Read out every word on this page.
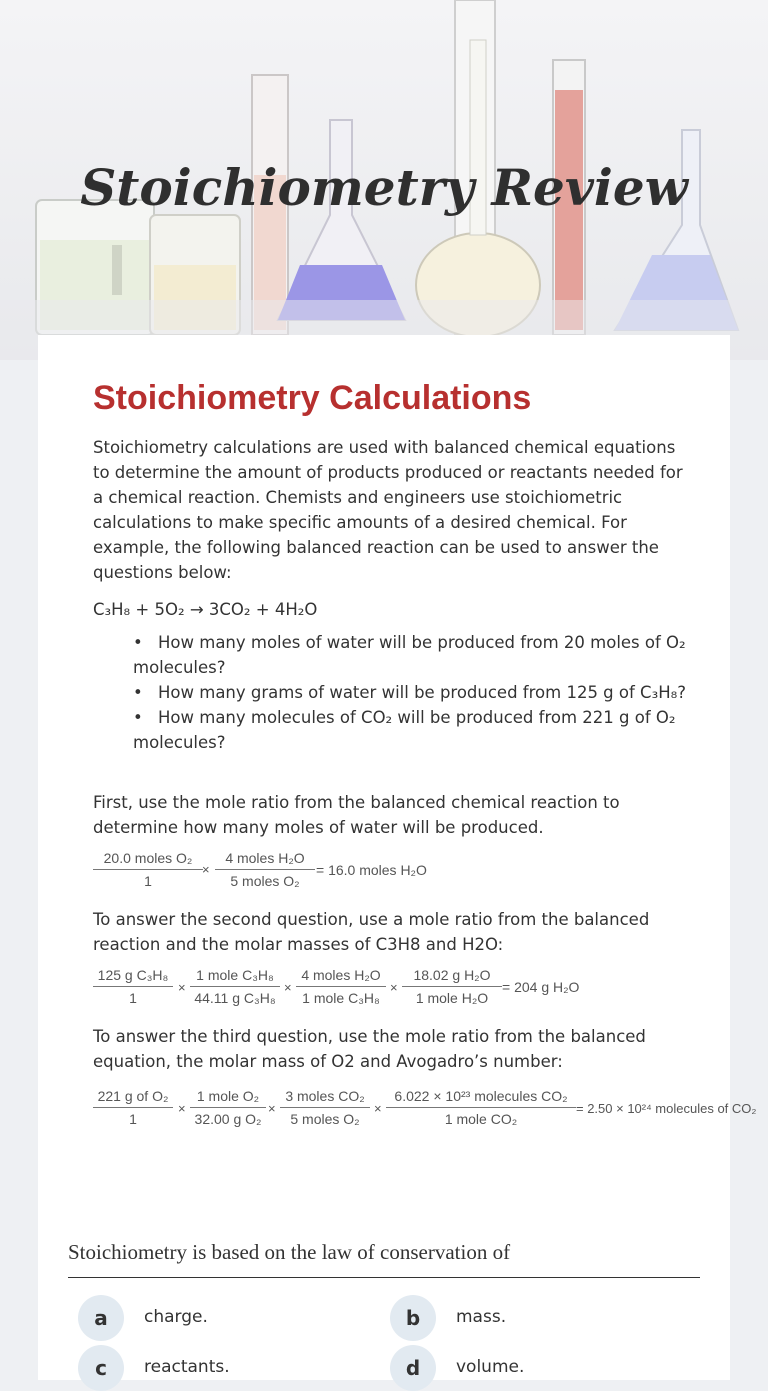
Stoichiometry Review
Stoichiometry Calculations

Stoichiometry calculations are used with balanced chemical equations to determine the amount of products produced or reactants needed for a chemical reaction. Chemists and engineers use stoichiometric calculations to make specific amounts of a desired chemical. For example, the following balanced reaction can be used to answer the questions below:

C₃H₈ + 5O₂ → 3CO₂ + 4H₂O

• How many moles of water will be produced from 20 moles of O₂ molecules?
• How many grams of water will be produced from 125 g of C₃H₈?
• How many molecules of CO₂ will be produced from 221 g of O₂ molecules?

First, use the mole ratio from the balanced chemical reaction to determine how many moles of water will be produced.

20.0 moles O₂
1
×
4 moles H₂O
5 moles O₂
= 16.0 moles H₂O

To answer the second question, use a mole ratio from the balanced reaction and the molar masses of C3H8 and H2O:

$\frac{\text{125 g C₃H₈}}{1}$ ×
1 mole C₃H₈
44.11 g C₃H₈
×
4 moles H₂O
1 mole C₃H₈
×
18.02 g H₂O
1 mole H₂O
= 204 g H₂O

To answer the third question, use the mole ratio from the balanced equation, the molar mass of O2 and Avogadro’s number:

$\frac{\text{221 g of O₂}}{1}$ ×
1 mole O₂
32.00 g O₂
×
3 moles CO₂
5 moles O₂
×
6.022 × 10²³ molecules CO₂
1 mole CO₂
= 2.50 × 10²⁴ molecules of CO₂

Stoichiometry is based on the law of conservation of

a	charge.	b	mass.
c	reactants.	d	volume.
